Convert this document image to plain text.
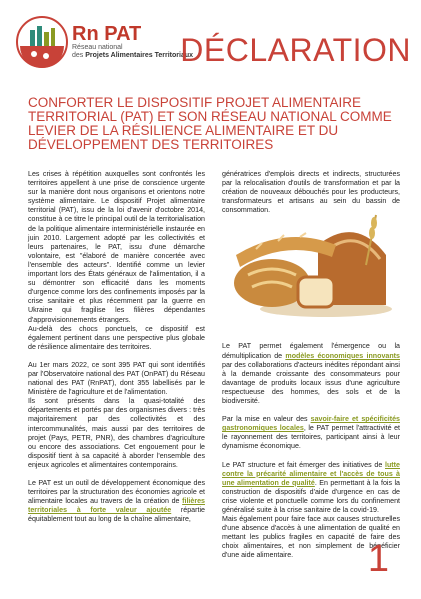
Rn PAT
Réseau national
des Projets Alimentaires Territoriaux
DÉCLARATION
CONFORTER LE DISPOSITIF PROJET ALIMENTAIRE TERRITORIAL (PAT) ET SON RÉSEAU NATIONAL COMME LEVIER DE LA RÉSILIENCE ALIMENTAIRE ET DU DÉVELOPPEMENT DES TERRITOIRES

Les crises à répétition auxquelles sont confrontés les territoires appellent à une prise de conscience urgente sur la manière dont nous organisons et orientons notre système alimentaire. Le dispositif Projet alimentaire territorial (PAT), issu de la loi d'avenir d'octobre 2014, constitue à ce titre le principal outil de la territorialisation de la politique alimentaire interministérielle instaurée en juin 2010. Largement adopté par les collectivités et leurs partenaires, le PAT, issu d'une démarche volontaire, est "élaboré de manière concertée avec l'ensemble des acteurs". Identifié comme un levier important lors des États généraux de l'alimentation, il a su démontrer son efficacité dans les moments d'urgence comme lors des confinements imposés par la crise sanitaire et plus récemment par la guerre en Ukraine qui fragilise les filières dépendantes d'approvisionnements étrangers.
Au-delà des chocs ponctuels, ce dispositif est également pertinent dans une perspective plus globale de résilience alimentaire des territoires.

Au 1er mars 2022, ce sont 395 PAT qui sont identifiés par l'Observatoire national des PAT (OnPAT) du Réseau national des PAT (RnPAT), dont 355 labellisés par le Ministère de l'agriculture et de l'alimentation.
Ils sont présents dans la quasi-totalité des départements et portés par des organismes divers : très majoritairement par des collectivités et des intercommunalités, mais aussi par des territoires de projet (Pays, PETR, PNR), des chambres d'agriculture ou encore des associations. Cet engouement pour le dispositif tient à sa capacité à aborder l'ensemble des enjeux agricoles et alimentaires contemporains.

Le PAT est un outil de développement économique des territoires par la structuration des économies agricole et alimentaire locales au travers de la création de filières territoriales à forte valeur ajoutée répartie équitablement tout au long de la chaîne alimentaire,

génératrices d'emplois directs et indirects, structurées par la relocalisation d'outils de transformation et par la création de nouveaux débouchés pour les producteurs, transformateurs et artisans au sein du bassin de consommation.

Le PAT permet également l'émergence ou la démultiplication de modèles économiques innovants par des collaborations d'acteurs inédites répondant ainsi à la demande croissante des consommateurs pour davantage de produits locaux issus d'une agriculture respectueuse des hommes, des sols et de la biodiversité.

Par la mise en valeur des savoir-faire et spécificités gastronomiques locales, le PAT permet l'attractivité et le rayonnement des territoires, participant ainsi à leur dynamisme économique.

Le PAT structure et fait émerger des initiatives de lutte contre la précarité alimentaire et l'accès de tous à une alimentation de qualité. En permettant à la fois la construction de dispositifs d'aide d'urgence en cas de crise violente et ponctuelle comme lors du confinement généralisé suite à la crise sanitaire de la covid-19.
Mais également pour faire face aux causes structurelles d'une absence d'accès à une alimentation de qualité en mettant les publics fragiles en capacité de faire des choix alimentaires, et non simplement de bénéficier d'une aide alimentaire.	1
